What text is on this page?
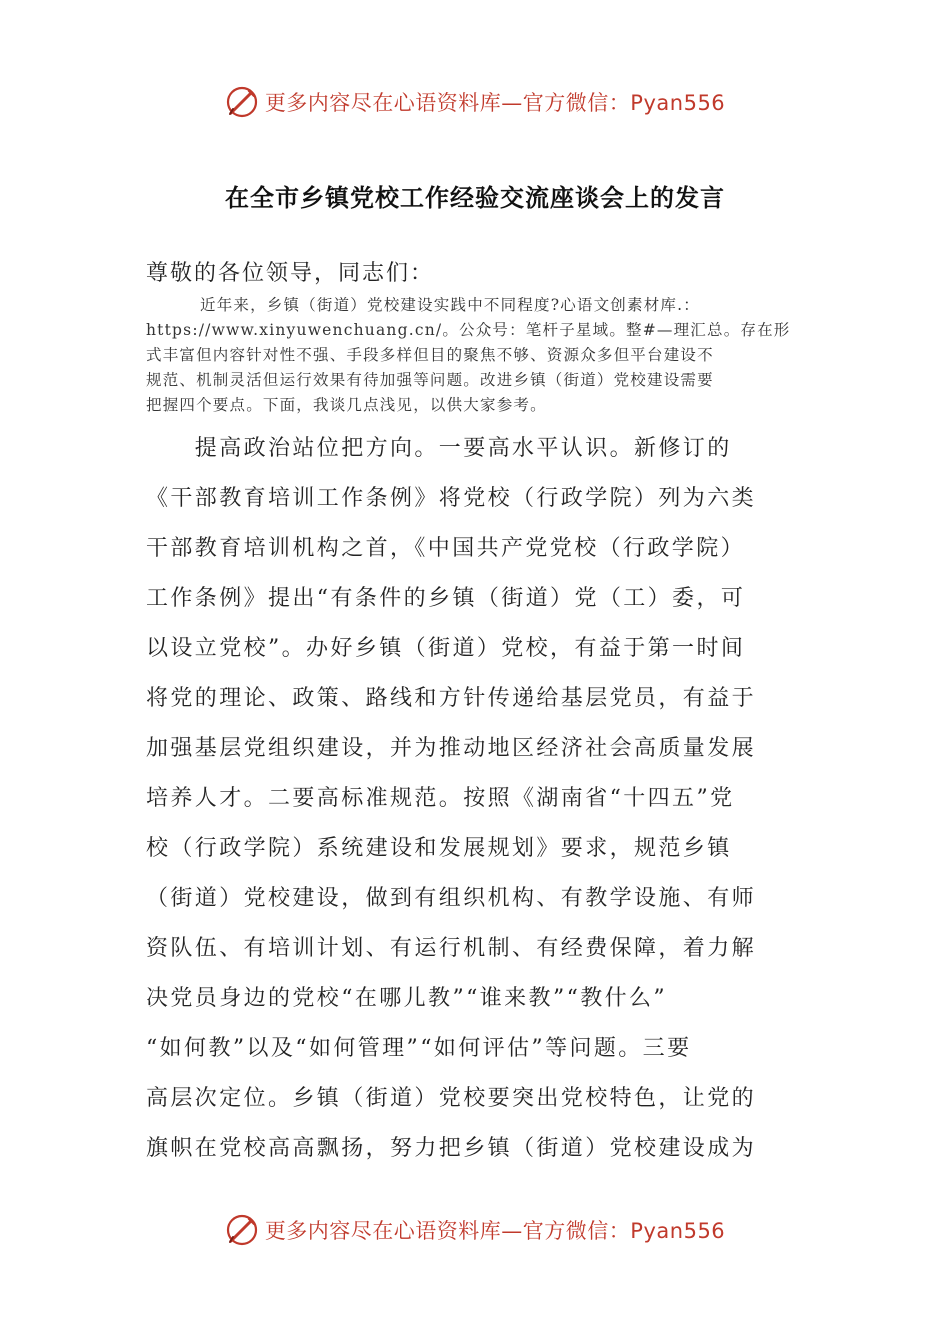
更多内容尽在心语资料库—官方微信：Pyan556
在全市乡镇党校工作经验交流座谈会上的发言
尊敬的各位领导，同志们：
近年来，乡镇（街道）党校建设实践中不同程度?心语文创素材库.：
https://www.xinyuwenchuang.cn/。公众号：笔杆子星域。整#—理汇总。存在形
式丰富但内容针对性不强、手段多样但目的聚焦不够、资源众多但平台建设不
规范、机制灵活但运行效果有待加强等问题。改进乡镇（街道）党校建设需要
把握四个要点。下面，我谈几点浅见，以供大家参考。
　　提高政治站位把方向。一要高水平认识。新修订的
《干部教育培训工作条例》将党校（行政学院）列为六类
干部教育培训机构之首，《中国共产党党校（行政学院）
工作条例》提出“有条件的乡镇（街道）党（工）委，可
以设立党校”。办好乡镇（街道）党校，有益于第一时间
将党的理论、政策、路线和方针传递给基层党员，有益于
加强基层党组织建设，并为推动地区经济社会高质量发展
培养人才。二要高标准规范。按照《湖南省“十四五”党
校（行政学院）系统建设和发展规划》要求，规范乡镇
（街道）党校建设，做到有组织机构、有教学设施、有师
资队伍、有培训计划、有运行机制、有经费保障，着力解
决党员身边的党校“在哪儿教”“谁来教”“教什么”
“如何教”以及“如何管理”“如何评估”等问题。三要
高层次定位。乡镇（街道）党校要突出党校特色，让党的
旗帜在党校高高飘扬，努力把乡镇（街道）党校建设成为
更多内容尽在心语资料库—官方微信：Pyan556
